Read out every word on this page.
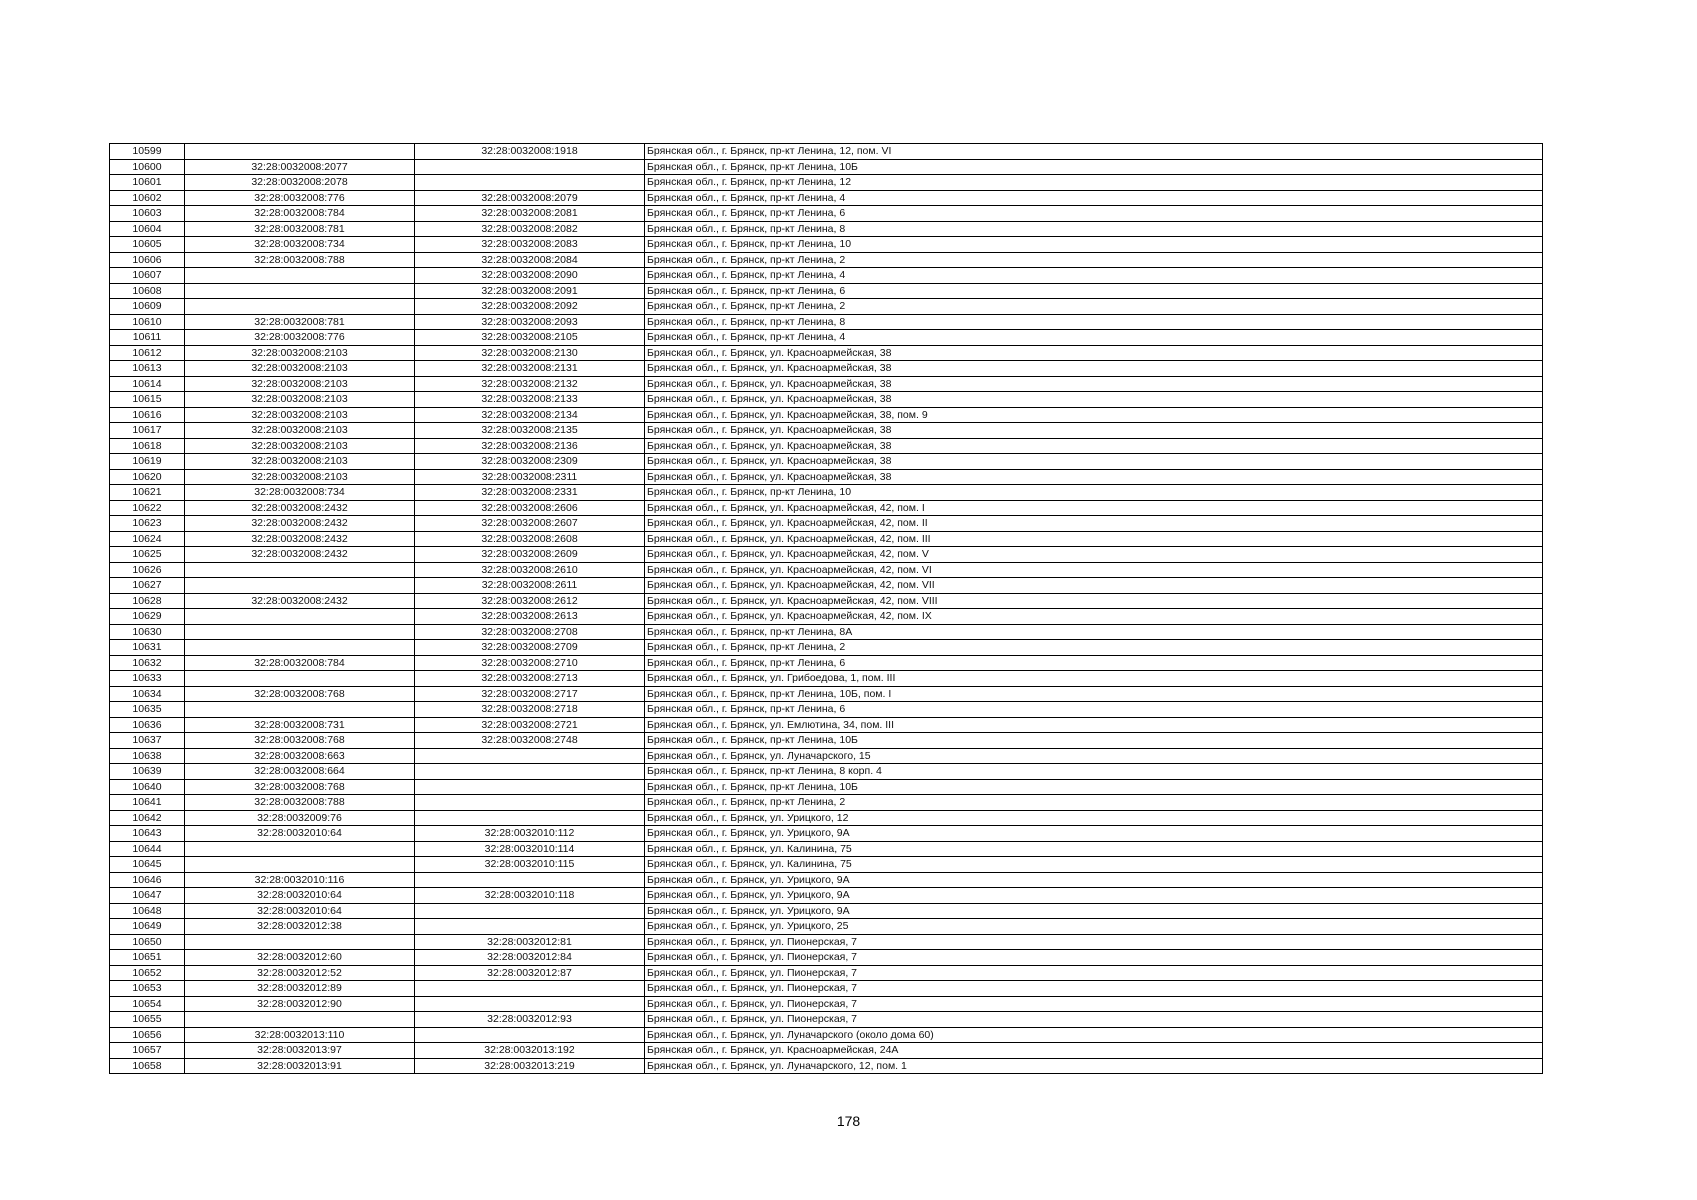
10599		32:28:0032008:1918	Брянская обл., г. Брянск, пр-кт Ленина, 12, пом. VI
10600	32:28:0032008:2077		Брянская обл., г. Брянск, пр-кт Ленина, 10Б
10601	32:28:0032008:2078		Брянская обл., г. Брянск, пр-кт Ленина, 12
10602	32:28:0032008:776	32:28:0032008:2079	Брянская обл., г. Брянск, пр-кт Ленина, 4
10603	32:28:0032008:784	32:28:0032008:2081	Брянская обл., г. Брянск, пр-кт Ленина, 6
10604	32:28:0032008:781	32:28:0032008:2082	Брянская обл., г. Брянск, пр-кт Ленина, 8
10605	32:28:0032008:734	32:28:0032008:2083	Брянская обл., г. Брянск, пр-кт Ленина, 10
10606	32:28:0032008:788	32:28:0032008:2084	Брянская обл., г. Брянск, пр-кт Ленина, 2
10607		32:28:0032008:2090	Брянская обл., г. Брянск, пр-кт Ленина, 4
10608		32:28:0032008:2091	Брянская обл., г. Брянск, пр-кт Ленина, 6
10609		32:28:0032008:2092	Брянская обл., г. Брянск, пр-кт Ленина, 2
10610	32:28:0032008:781	32:28:0032008:2093	Брянская обл., г. Брянск, пр-кт Ленина, 8
10611	32:28:0032008:776	32:28:0032008:2105	Брянская обл., г. Брянск, пр-кт Ленина, 4
10612	32:28:0032008:2103	32:28:0032008:2130	Брянская обл., г. Брянск, ул. Красноармейская, 38
10613	32:28:0032008:2103	32:28:0032008:2131	Брянская обл., г. Брянск, ул. Красноармейская, 38
10614	32:28:0032008:2103	32:28:0032008:2132	Брянская обл., г. Брянск, ул. Красноармейская, 38
10615	32:28:0032008:2103	32:28:0032008:2133	Брянская обл., г. Брянск, ул. Красноармейская, 38
10616	32:28:0032008:2103	32:28:0032008:2134	Брянская обл., г. Брянск, ул. Красноармейская, 38, пом. 9
10617	32:28:0032008:2103	32:28:0032008:2135	Брянская обл., г. Брянск, ул. Красноармейская, 38
10618	32:28:0032008:2103	32:28:0032008:2136	Брянская обл., г. Брянск, ул. Красноармейская, 38
10619	32:28:0032008:2103	32:28:0032008:2309	Брянская обл., г. Брянск, ул. Красноармейская, 38
10620	32:28:0032008:2103	32:28:0032008:2311	Брянская обл., г. Брянск, ул. Красноармейская, 38
10621	32:28:0032008:734	32:28:0032008:2331	Брянская обл., г. Брянск, пр-кт Ленина, 10
10622	32:28:0032008:2432	32:28:0032008:2606	Брянская обл., г. Брянск, ул. Красноармейская, 42, пом. I
10623	32:28:0032008:2432	32:28:0032008:2607	Брянская обл., г. Брянск, ул. Красноармейская, 42, пом. II
10624	32:28:0032008:2432	32:28:0032008:2608	Брянская обл., г. Брянск, ул. Красноармейская, 42, пом. III
10625	32:28:0032008:2432	32:28:0032008:2609	Брянская обл., г. Брянск, ул. Красноармейская, 42, пом. V
10626		32:28:0032008:2610	Брянская обл., г. Брянск, ул. Красноармейская, 42, пом. VI
10627		32:28:0032008:2611	Брянская обл., г. Брянск, ул. Красноармейская, 42, пом. VII
10628	32:28:0032008:2432	32:28:0032008:2612	Брянская обл., г. Брянск, ул. Красноармейская, 42, пом. VIII
10629		32:28:0032008:2613	Брянская обл., г. Брянск, ул. Красноармейская, 42, пом. IX
10630		32:28:0032008:2708	Брянская обл., г. Брянск, пр-кт Ленина, 8А
10631		32:28:0032008:2709	Брянская обл., г. Брянск, пр-кт Ленина, 2
10632	32:28:0032008:784	32:28:0032008:2710	Брянская обл., г. Брянск, пр-кт Ленина, 6
10633		32:28:0032008:2713	Брянская обл., г. Брянск, ул. Грибоедова, 1, пом. III
10634	32:28:0032008:768	32:28:0032008:2717	Брянская обл., г. Брянск, пр-кт Ленина, 10Б, пом. I
10635		32:28:0032008:2718	Брянская обл., г. Брянск, пр-кт Ленина, 6
10636	32:28:0032008:731	32:28:0032008:2721	Брянская обл., г. Брянск, ул. Емлютина, 34, пом. III
10637	32:28:0032008:768	32:28:0032008:2748	Брянская обл., г. Брянск, пр-кт Ленина, 10Б
10638	32:28:0032008:663		Брянская обл., г. Брянск, ул. Луначарского, 15
10639	32:28:0032008:664		Брянская обл., г. Брянск, пр-кт Ленина, 8 корп. 4
10640	32:28:0032008:768		Брянская обл., г. Брянск, пр-кт Ленина, 10Б
10641	32:28:0032008:788		Брянская обл., г. Брянск, пр-кт Ленина, 2
10642	32:28:0032009:76		Брянская обл., г. Брянск, ул. Урицкого, 12
10643	32:28:0032010:64	32:28:0032010:112	Брянская обл., г. Брянск, ул. Урицкого, 9А
10644		32:28:0032010:114	Брянская обл., г. Брянск, ул. Калинина, 75
10645		32:28:0032010:115	Брянская обл., г. Брянск, ул. Калинина, 75
10646	32:28:0032010:116		Брянская обл., г. Брянск, ул. Урицкого, 9А
10647	32:28:0032010:64	32:28:0032010:118	Брянская обл., г. Брянск, ул. Урицкого, 9А
10648	32:28:0032010:64		Брянская обл., г. Брянск, ул. Урицкого, 9А
10649	32:28:0032012:38		Брянская обл., г. Брянск, ул. Урицкого, 25
10650		32:28:0032012:81	Брянская обл., г. Брянск, ул. Пионерская, 7
10651	32:28:0032012:60	32:28:0032012:84	Брянская обл., г. Брянск, ул. Пионерская, 7
10652	32:28:0032012:52	32:28:0032012:87	Брянская обл., г. Брянск, ул. Пионерская, 7
10653	32:28:0032012:89		Брянская обл., г. Брянск, ул. Пионерская, 7
10654	32:28:0032012:90		Брянская обл., г. Брянск, ул. Пионерская, 7
10655		32:28:0032012:93	Брянская обл., г. Брянск, ул. Пионерская, 7
10656	32:28:0032013:110		Брянская обл., г. Брянск, ул. Луначарского (около дома 60)
10657	32:28:0032013:97	32:28:0032013:192	Брянская обл., г. Брянск, ул. Красноармейская, 24А
10658	32:28:0032013:91	32:28:0032013:219	Брянская обл., г. Брянск, ул. Луначарского, 12, пом. 1
178
